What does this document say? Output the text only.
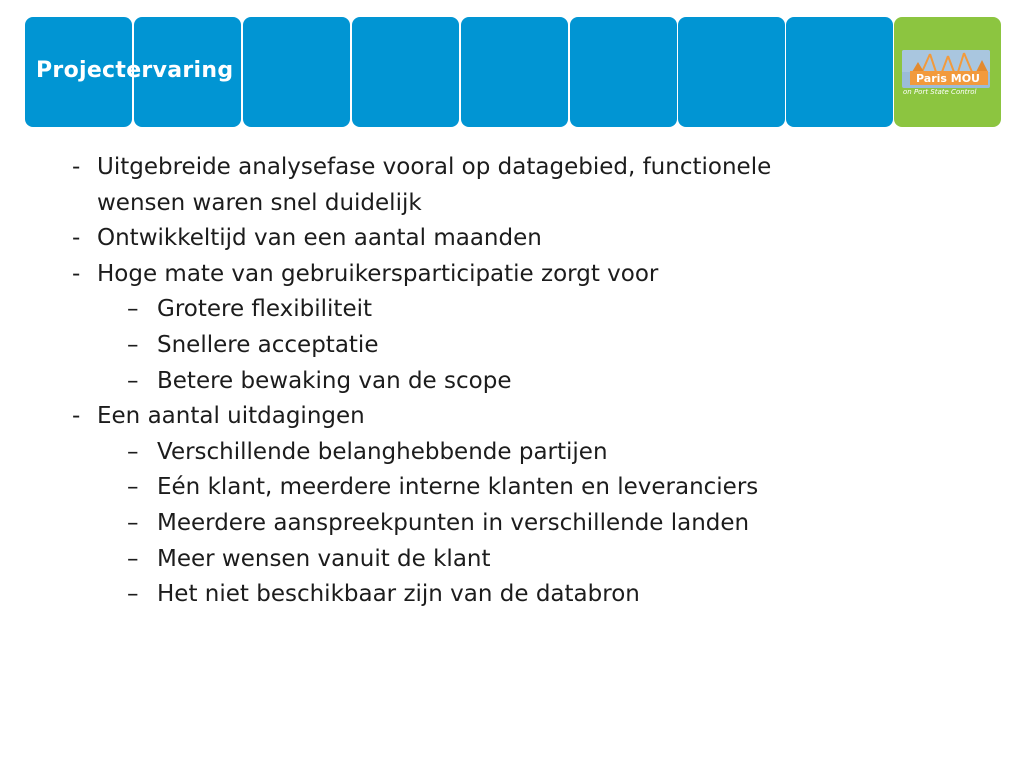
Projectervaring	Paris MOU
on Port State Control
- Uitgebreide analysefase vooral op datagebied, functionele
wensen waren snel duidelijk
- Ontwikkeltijd van een aantal maanden
- Hoge mate van gebruikersparticipatie zorgt voor
– Grotere flexibiliteit
– Snellere acceptatie
– Betere bewaking van de scope
- Een aantal uitdagingen
– Verschillende belanghebbende partijen
– Eén klant, meerdere interne klanten en leveranciers
– Meerdere aanspreekpunten in verschillende landen
– Meer wensen vanuit de klant
– Het niet beschikbaar zijn van de databron
